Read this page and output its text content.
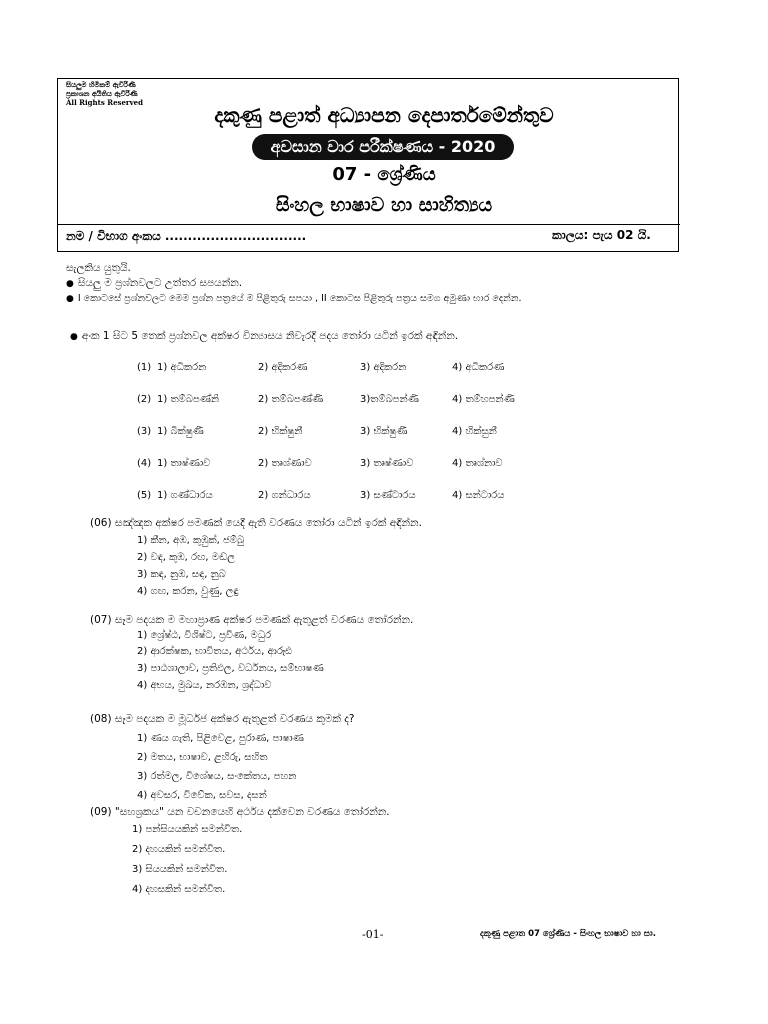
සියලුම හිමිකම් ඇවිරිණි
ප්‍රකාශන අයිතිය ඇවිරිණි
All Rights Reserved
දකුණු පළාත් අධ්‍යාපන දෙපාර්තමේන්තුව
අවසාන වාර පරීක්ෂණය - 2020
07 - ශ්‍රේණිය
සිංහල භාෂාව හා සාහිත්‍යය
නම / විභාග අංකය ...............................	කාලය: පැය 02 යි.
සැලකිය යුතුයි.
● සියලු ම ප්‍රශ්නවලට උත්තර සපයන්න.
● I කොටසේ ප්‍රශ්නවලට මෙම ප්‍රශ්න පත්‍රයේ ම පිළිතුරු සපයා , II කොටස පිළිතුරු පත්‍රය සමග අමුණා භාර දෙන්න.
● අංක 1 සිට 5 තෙක් ප්‍රශ්නවල අක්ෂර වින්‍යාසය නිවැරදි පදය තෝරා යටින් ඉරක් අඳින්න.
(1) 1) අධිකරන	2) අදිකරණ	3) අදිකරන	4) අධිකරණ
(2) 1) තම්බපණ්නි	2) තම්බපණ්ණි	3)තම්බපන්ණි	4) තම්හපන්ණි
(3) 1) බික්ෂුණී	2) භික්ෂුනී	3) භික්ෂුණී	4) හික්සුනී
(4) 1) තාෂ්ණාව	2) තෘශ්ණාව	3) තෘෂ්ණාව	4) තෘශ්නාව
(5) 1) ගණ්ධාරය	2) ගන්ධාරය	3) සණ්ටාරය	4) සන්ටාරය
(06) සඤ්ඤක අක්ෂර පමණක් යෙදී ඇති වරණය තෝරා යටින් ඉරක් අඳින්න.
1) කීන, අඹ, කුඹුක්, ජම්බු
2) වඳ, කුඹ, රඟ, මඬල
3) කඳ, නුඹ, සඳ, නුබ
4) ගඟ, කරන, වුණු, ලඳු
(07) සෑම පදයක ම මහාප්‍රාණ අක්ෂර පමණක් ඇතුළත් වරණය තෝරන්න.
1) ශ්‍රේෂ්ඨ, විශිෂ්ට, ප්‍රවීණ, මධුර
2) ආරක්ෂක, භාවිතය, අර්ථය, ආරූඪ
3) පාඨශාලාව, ප්‍රතිඵල, වර්ධනය, සම්භාෂණ
4) අභය, මුඛය, නරඹන, ශ්‍රද්ධාව
(08) සෑම පදයක ම මූර්ධජ අක්ෂර ඇතුළත් වරණය කුමක් ද?
1) ණය ගැති, පිළිවෙළ, පුරාණ, පාෂාණ
2) මතය, භාෂාව, ළහිරු, සහිත
3) රත්මල, විශේෂය, සංකේතය, පහන
4) අවසර, විවේක, සවස, දසන්
(09) "සහශ්‍රකය" යන වචනයෙහි අර්ථය දක්වෙන වරණය තෝරන්න.
1) පන්සියයකින් සමන්විත.
2) දහයකින් සමන්විත.
3) සියයකින් සමන්විත.
4) දහසකින් සමන්විත.
-01-	දකුණු පළාත 07 ශ්‍රේණිය - සිංහල භාෂාව හා සා.
